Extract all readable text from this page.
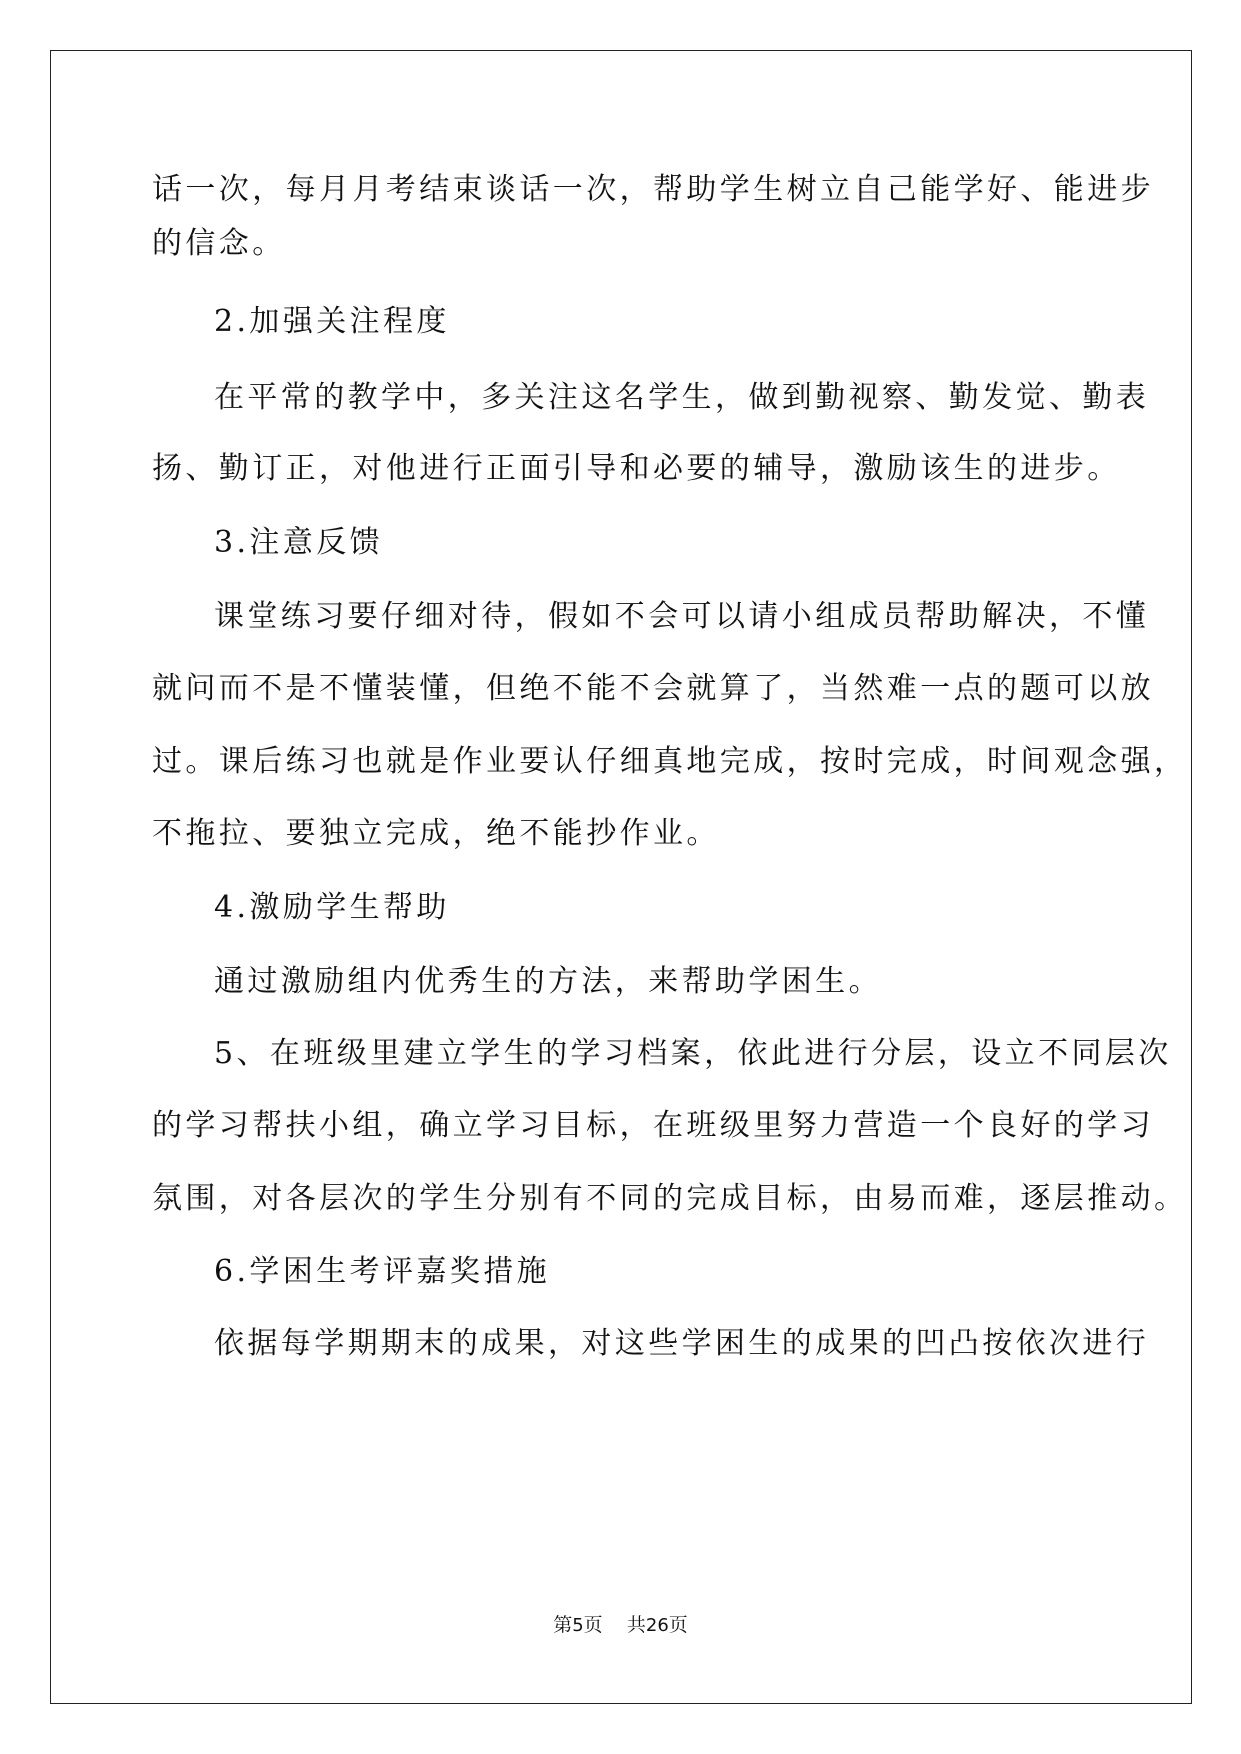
话一次，每月月考结束谈话一次，帮助学生树立自己能学好、能进步
的信念。
2.加强关注程度
在平常的教学中，多关注这名学生，做到勤视察、勤发觉、勤表
扬、勤订正，对他进行正面引导和必要的辅导，激励该生的进步。
3.注意反馈
课堂练习要仔细对待，假如不会可以请小组成员帮助解决，不懂
就问而不是不懂装懂，但绝不能不会就算了，当然难一点的题可以放
过。课后练习也就是作业要认仔细真地完成，按时完成，时间观念强，
不拖拉、要独立完成，绝不能抄作业。
4.激励学生帮助
通过激励组内优秀生的方法，来帮助学困生。
5、在班级里建立学生的学习档案，依此进行分层，设立不同层次
的学习帮扶小组，确立学习目标，在班级里努力营造一个良好的学习
氛围，对各层次的学生分别有不同的完成目标，由易而难，逐层推动。
6.学困生考评嘉奖措施
依据每学期期末的成果，对这些学困生的成果的凹凸按依次进行
第5页 共26页
